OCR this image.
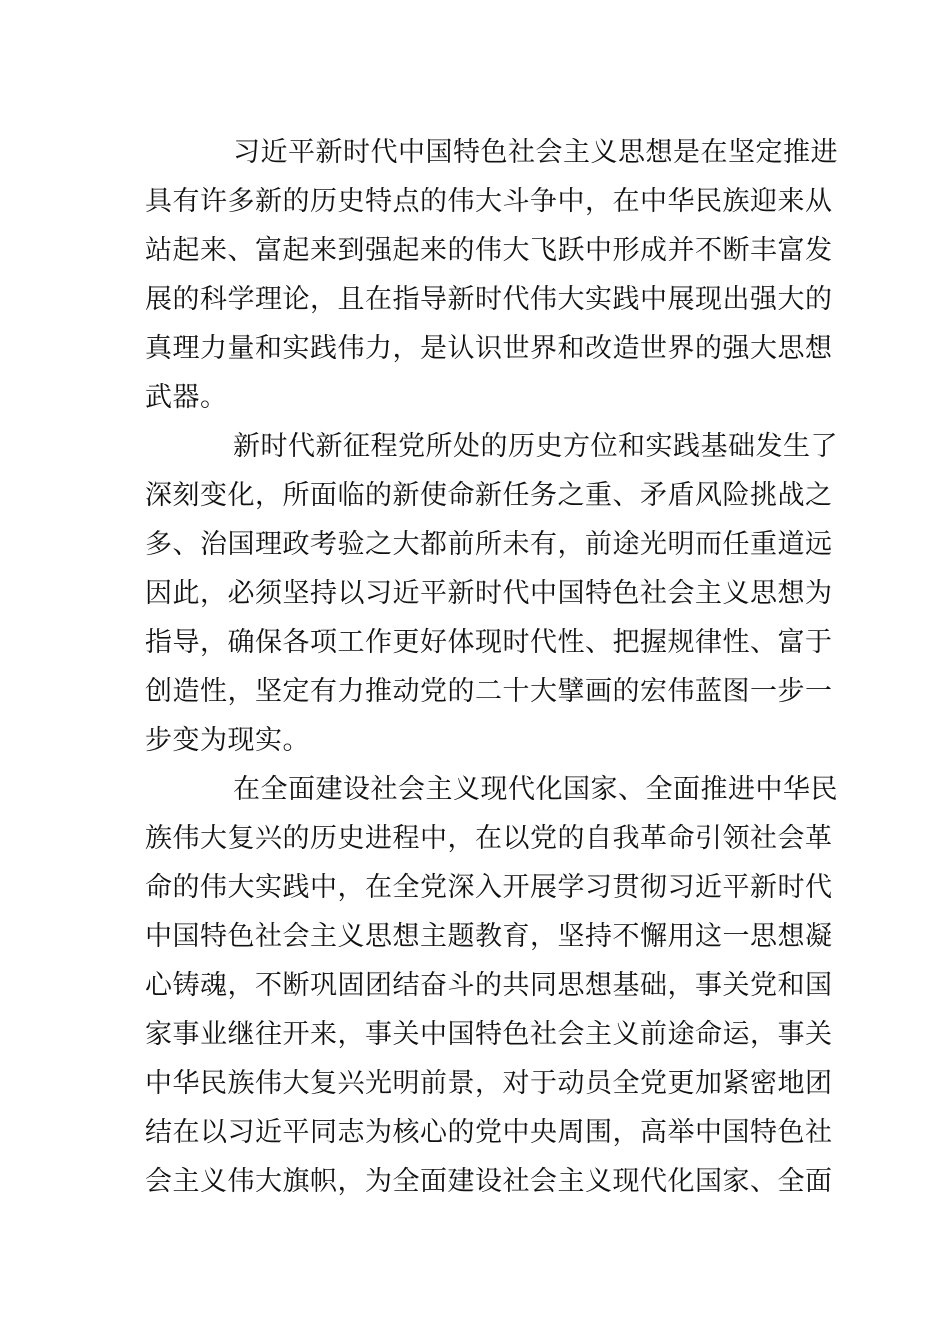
习近平新时代中国特色社会主义思想是在坚定推进
具有许多新的历史特点的伟大斗争中，在中华民族迎来从
站起来、富起来到强起来的伟大飞跃中形成并不断丰富发
展的科学理论，且在指导新时代伟大实践中展现出强大的
真理力量和实践伟力，是认识世界和改造世界的强大思想
武器。
新时代新征程党所处的历史方位和实践基础发生了
深刻变化，所面临的新使命新任务之重、矛盾风险挑战之
多、治国理政考验之大都前所未有，前途光明而任重道远
因此，必须坚持以习近平新时代中国特色社会主义思想为
指导，确保各项工作更好体现时代性、把握规律性、富于
创造性，坚定有力推动党的二十大擘画的宏伟蓝图一步一
步变为现实。
在全面建设社会主义现代化国家、全面推进中华民
族伟大复兴的历史进程中，在以党的自我革命引领社会革
命的伟大实践中，在全党深入开展学习贯彻习近平新时代
中国特色社会主义思想主题教育，坚持不懈用这一思想凝
心铸魂，不断巩固团结奋斗的共同思想基础，事关党和国
家事业继往开来，事关中国特色社会主义前途命运，事关
中华民族伟大复兴光明前景，对于动员全党更加紧密地团
结在以习近平同志为核心的党中央周围，高举中国特色社
会主义伟大旗帜，为全面建设社会主义现代化国家、全面
